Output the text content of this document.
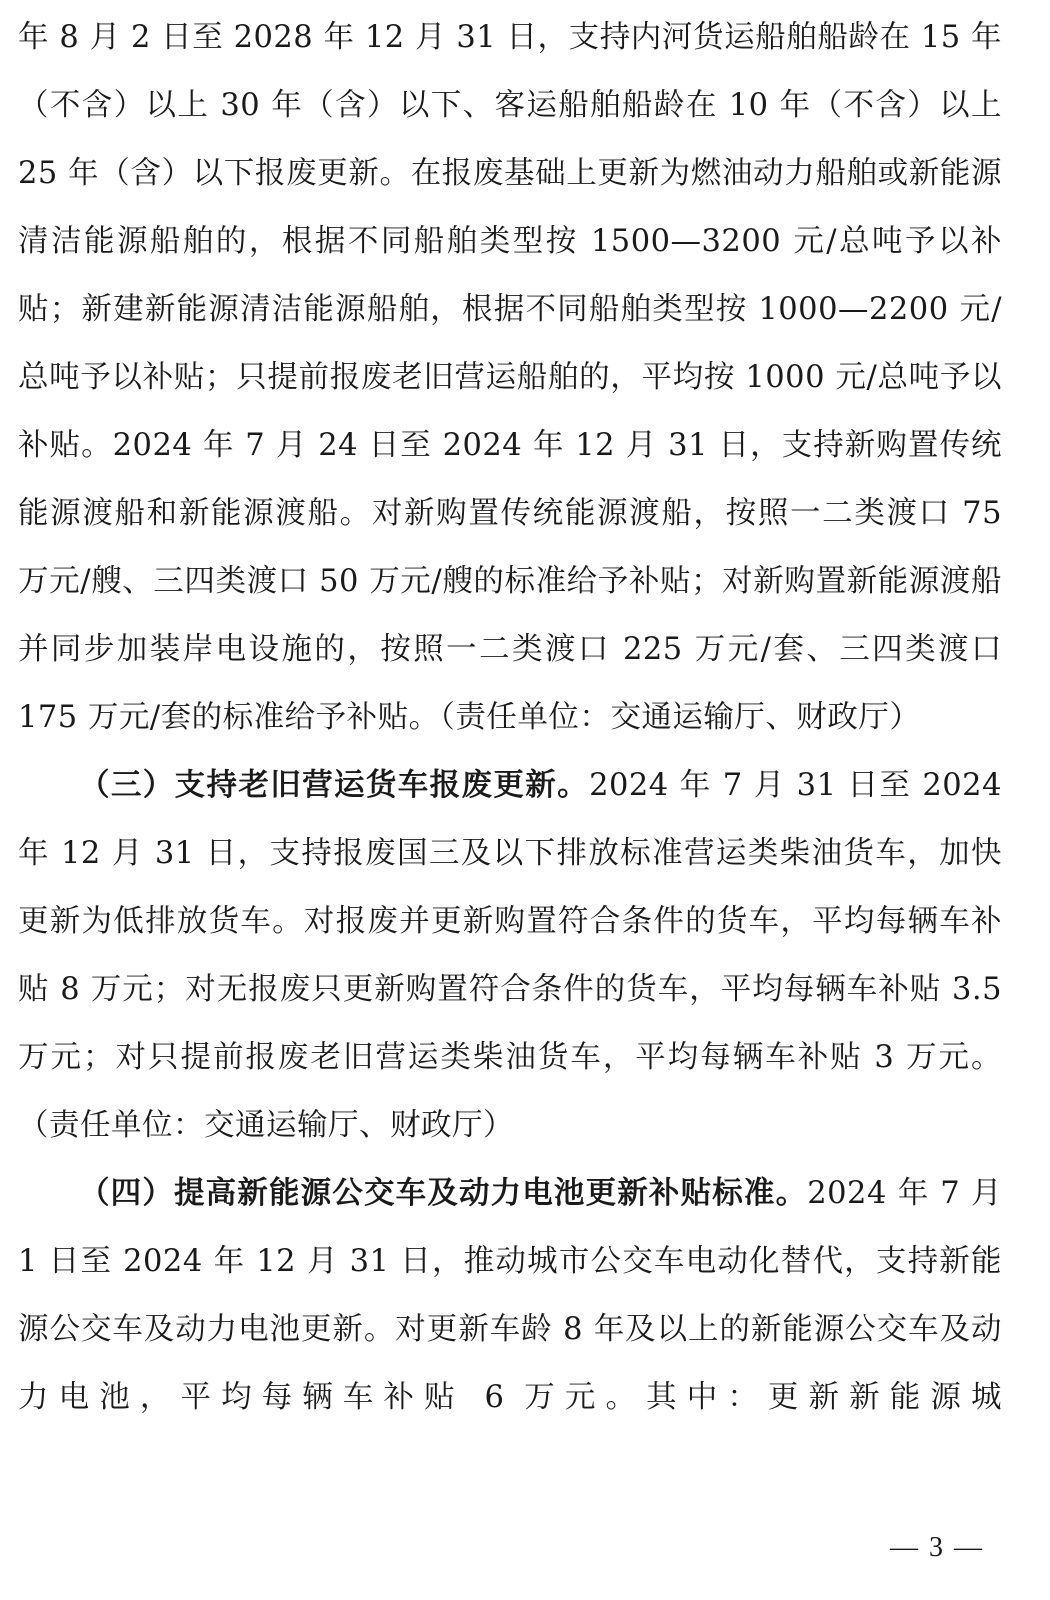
年 8 月 2 日至 2028 年 12 月 31 日，支持内河货运船舶船龄在 15 年（不含）以上 30 年（含）以下、客运船舶船龄在 10 年（不含）以上 25 年（含）以下报废更新。在报废基础上更新为燃油动力船舶或新能源清洁能源船舶的，根据不同船舶类型按 1500—3200 元/总吨予以补贴；新建新能源清洁能源船舶，根据不同船舶类型按 1000—2200 元/总吨予以补贴；只提前报废老旧营运船舶的，平均按 1000 元/总吨予以补贴。2024 年 7 月 24 日至 2024 年 12 月 31 日，支持新购置传统能源渡船和新能源渡船。对新购置传统能源渡船，按照一二类渡口 75 万元/艘、三四类渡口 50 万元/艘的标准给予补贴；对新购置新能源渡船并同步加装岸电设施的，按照一二类渡口 225 万元/套、三四类渡口 175 万元/套的标准给予补贴。（责任单位：交通运输厅、财政厅）

（三）支持老旧营运货车报废更新。2024 年 7 月 31 日至 2024 年 12 月 31 日，支持报废国三及以下排放标准营运类柴油货车，加快更新为低排放货车。对报废并更新购置符合条件的货车，平均每辆车补贴 8 万元；对无报废只更新购置符合条件的货车，平均每辆车补贴 3.5 万元；对只提前报废老旧营运类柴油货车，平均每辆车补贴 3 万元。（责任单位：交通运输厅、财政厅）

（四）提高新能源公交车及动力电池更新补贴标准。2024 年 7 月1 日至 2024 年 12 月 31 日，推动城市公交车电动化替代，支持新能源公交车及动力电池更新。对更新车龄 8 年及以上的新能源公交车及动力电池，平均每辆车补贴 6 万元。其中：更新新能源城

— 3 —
